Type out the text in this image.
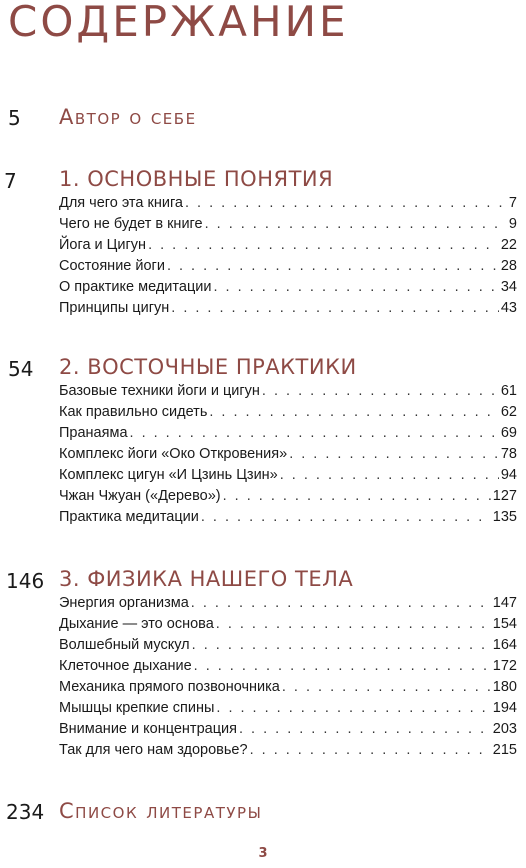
СОДЕРЖАНИЕ
5 Автор о себе
7 1. ОСНОВНЫЕ ПОНЯТИЯ
Для чего эта книга . . .	7
Чего не будет в книге . . .	9
Йога и Цигун . . .	22
Состояние йоги . . .	28
О практике медитации . . .	34
Принципы цигун . . .	43
54 2. ВОСТОЧНЫЕ ПРАКТИКИ
Базовые техники йоги и цигун . . .	61
Как правильно сидеть . . .	62
Пранаяма . . .	69
Комплекс йоги «Око Откровения» . . .	78
Комплекс цигун «И Цзинь Цзин» . . .	94
Чжан Чжуан («Дерево») . . .	127
Практика медитации . . .	135
146 3. ФИЗИКА НАШЕГО ТЕЛА
Энергия организма . . .	147
Дыхание — это основа . . .	154
Волшебный мускул . . .	164
Клеточное дыхание . . .	172
Механика прямого позвоночника . . .	180
Мышцы крепкие спины . . .	194
Внимание и концентрация . . .	203
Так для чего нам здоровье? . . .	215
234 Список литературы
3
